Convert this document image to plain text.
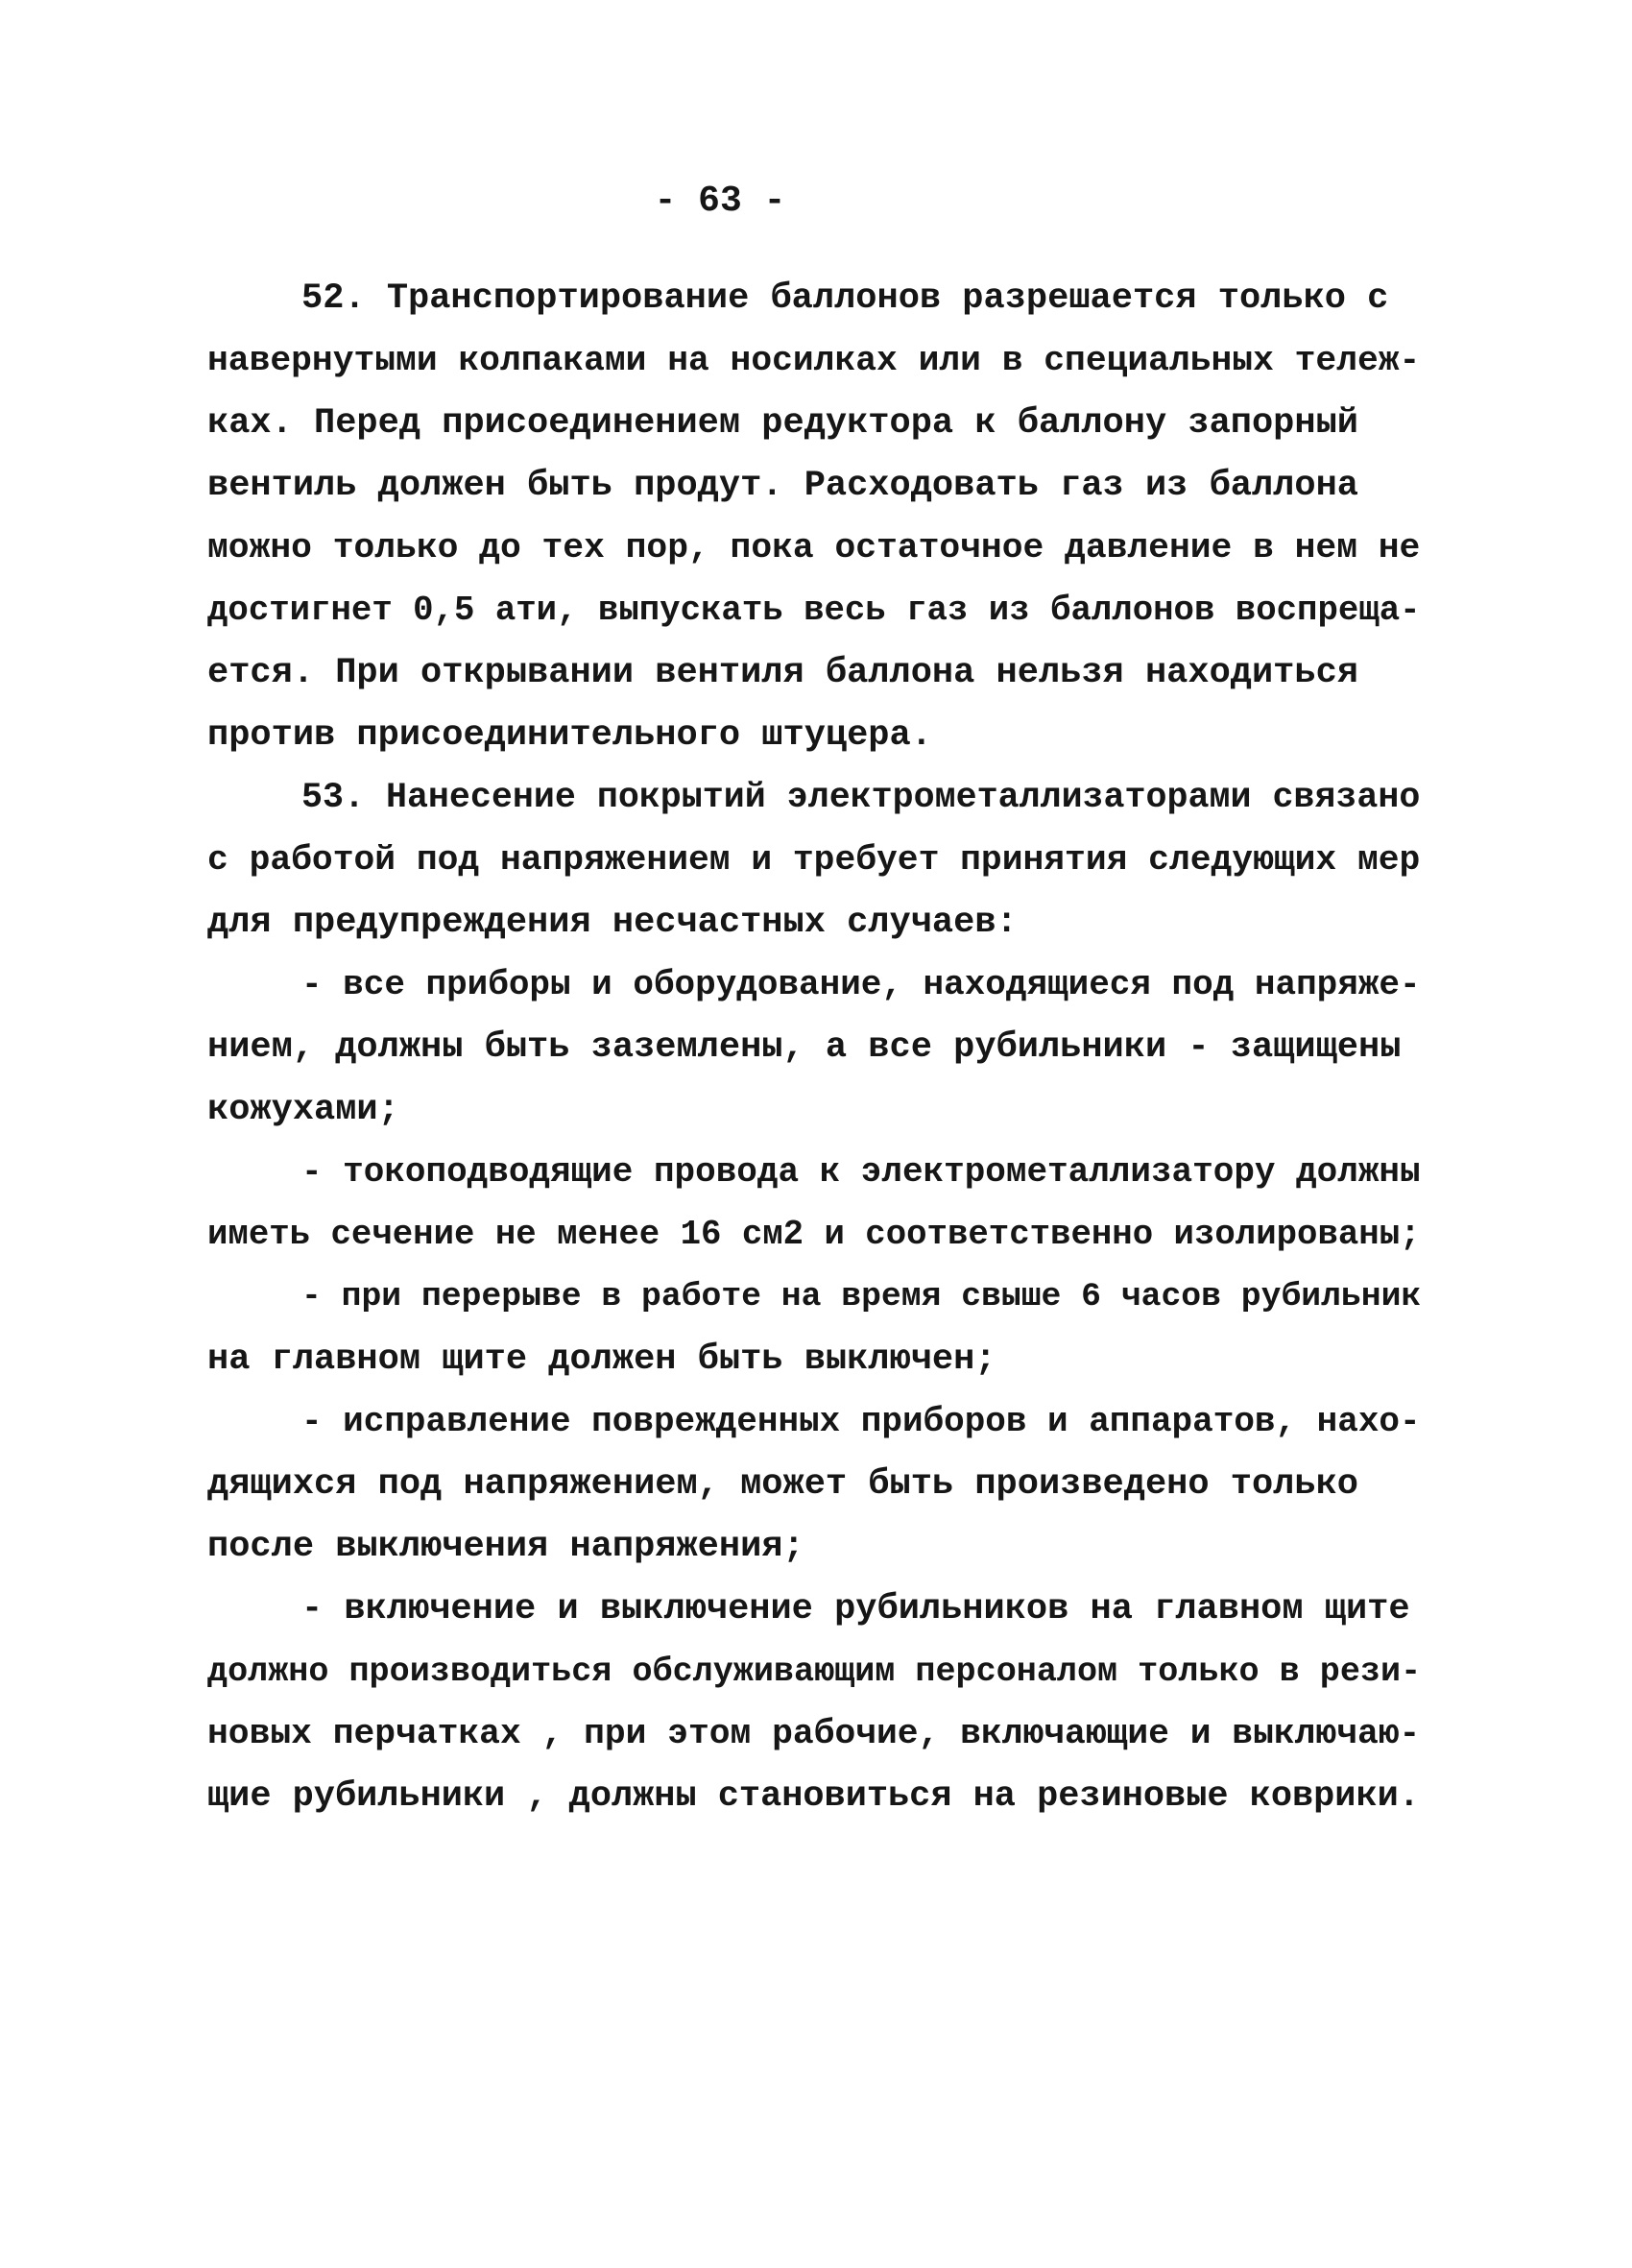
- 63 -
52. Транспортирование баллонов разрешается только с
навернутыми колпаками на носилках или в специальных тележ-
ках. Перед присоединением редуктора к баллону запорный
вентиль должен быть продут. Расходовать газ из баллона
можно только до тех пор, пока остаточное давление в нем не
достигнет 0,5 ати, выпускать весь газ из баллонов воспреща-
ется. При открывании вентиля баллона нельзя находиться
против присоединительного штуцера.
53. Нанесение покрытий электрометаллизаторами связано
с работой под напряжением и требует принятия следующих мер
для предупреждения несчастных случаев:
- все приборы и оборудование, находящиеся под напряже-
нием, должны быть заземлены, а все рубильники - защищены
кожухами;
- токоподводящие провода к электрометаллизатору должны
иметь сечение не менее 16 см2 и соответственно изолированы;
- при перерыве в работе на время свыше 6 часов рубильник
на главном щите должен быть выключен;
- исправление поврежденных приборов и аппаратов, нахо-
дящихся под напряжением, может быть произведено только
после выключения напряжения;
- включение и выключение рубильников на главном щите
должно производиться обслуживающим персоналом только в рези-
новых перчатках , при этом рабочие, включающие и выключаю-
щие рубильники , должны становиться на резиновые коврики.
